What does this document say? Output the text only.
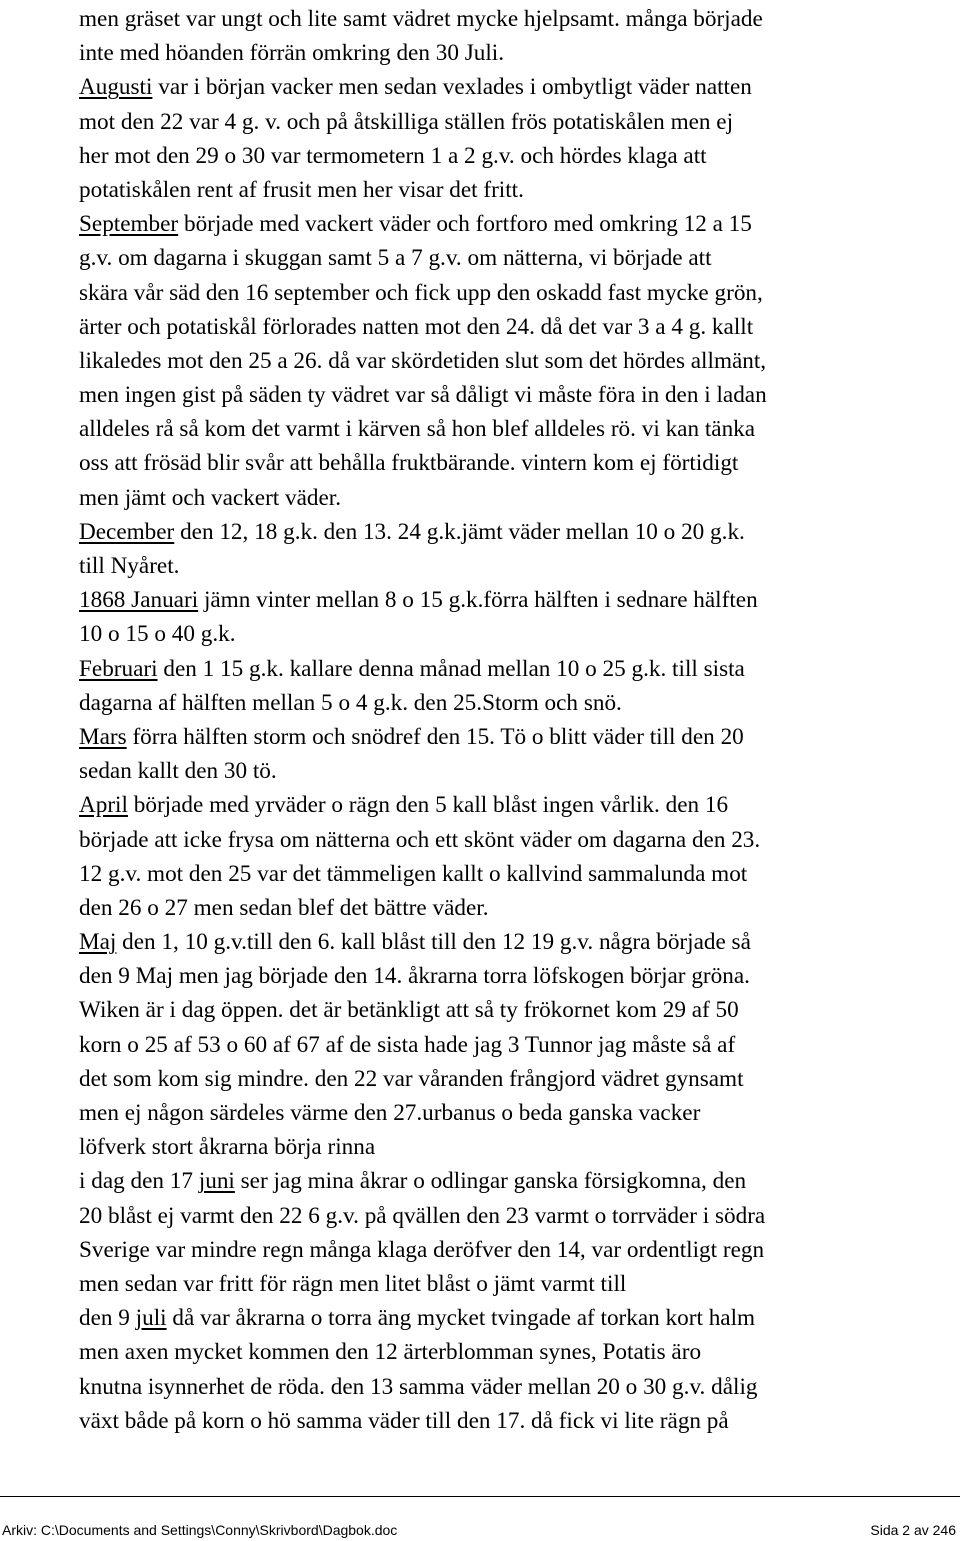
men gräset var ungt och lite samt vädret mycke hjelpsamt. många började
inte med höanden förrän omkring den 30 Juli.
Augusti var i början vacker men sedan vexlades i ombytligt väder natten
mot den 22 var 4 g. v. och på åtskilliga ställen frös potatiskålen men ej
her mot den 29 o 30 var termometern 1 a 2 g.v. och hördes klaga att
potatiskålen rent af frusit men her visar det fritt.
September började med vackert väder och fortforo med omkring 12 a 15
g.v. om dagarna i skuggan samt 5 a 7 g.v. om nätterna, vi började att
skära vår säd den 16 september och fick upp den oskadd fast mycke grön,
ärter och potatiskål förlorades natten mot den 24. då det var 3 a 4 g. kallt
likaledes mot den 25 a 26. då var skördetiden slut som det hördes allmänt,
men ingen gist på säden ty vädret var så dåligt vi måste föra in den i ladan
alldeles rå så kom det varmt i kärven så hon blef alldeles rö. vi kan tänka
oss att frösäd blir svår att behålla fruktbärande. vintern kom ej förtidigt
men jämt och vackert väder.
December den 12, 18 g.k. den 13. 24 g.k.jämt väder mellan 10 o 20 g.k.
till Nyåret.
1868 Januari jämn vinter mellan 8 o 15 g.k.förra hälften i sednare hälften
10 o 15 o 40 g.k.
Februari den 1 15 g.k. kallare denna månad mellan 10 o 25 g.k. till sista
dagarna af hälften mellan 5 o 4 g.k. den 25.Storm och snö.
Mars förra hälften storm och snödref den 15. Tö o blitt väder till den 20
sedan kallt den 30 tö.
April började med yrväder o rägn den 5 kall blåst ingen vårlik. den 16
började att icke frysa om nätterna och ett skönt väder om dagarna den 23.
12 g.v. mot den 25 var det tämmeligen kallt o kallvind sammalunda mot
den 26 o 27 men sedan blef det bättre väder.
Maj den 1, 10 g.v.till den 6. kall blåst till den 12 19 g.v. några började så
den 9 Maj men jag började den 14. åkrarna torra löfskogen börjar gröna.
Wiken är i dag öppen. det är betänkligt att så ty frökornet kom 29 af 50
korn o 25 af 53 o 60 af 67 af de sista hade jag 3 Tunnor jag måste så af
det som kom sig mindre. den 22 var våranden frångjord vädret gynsamt
men ej någon särdeles värme den 27.urbanus o beda ganska vacker
löfverk stort åkrarna börja rinna
i dag den 17 juni ser jag mina åkrar o odlingar ganska försigkomna, den
20 blåst ej varmt den 22 6 g.v. på qvällen den 23 varmt o torrväder i södra
Sverige var mindre regn många klaga deröfver den 14, var ordentligt regn
men sedan var fritt för rägn men litet blåst o jämt varmt till
den 9 juli då var åkrarna o torra äng mycket tvingade af torkan kort halm
men axen mycket kommen den 12 ärterblomman synes, Potatis äro
knutna isynnerhet de röda. den 13 samma väder mellan 20 o 30 g.v. dålig
växt både på korn o hö samma väder till den 17. då fick vi lite rägn på
Arkiv: C:\Documents and Settings\Conny\Skrivbord\Dagbok.doc	Sida 2 av 246
